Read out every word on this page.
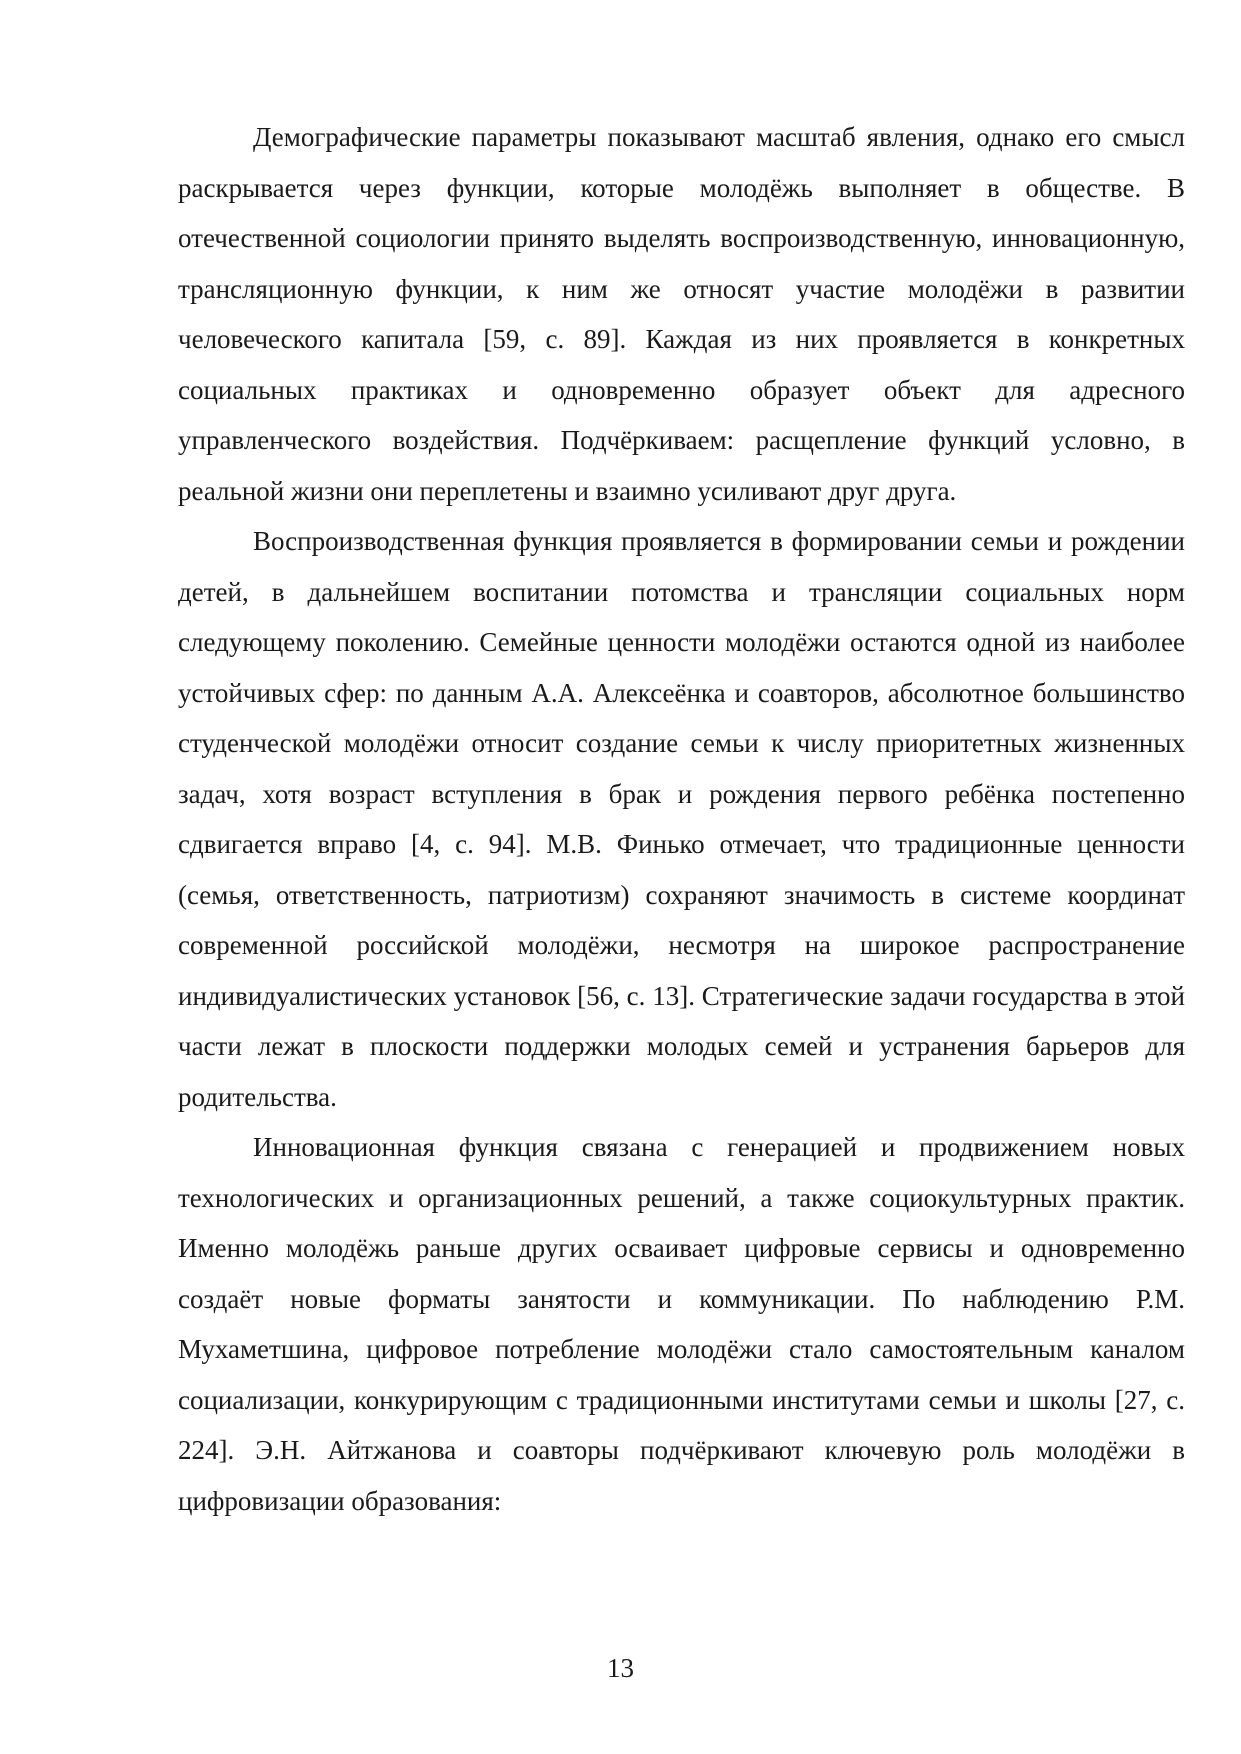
Демографические параметры показывают масштаб явления, однако его смысл раскрывается через функции, которые молодёжь выполняет в обществе. В отечественной социологии принято выделять воспроизводственную, инновационную, трансляционную функции, к ним же относят участие молодёжи в развитии человеческого капитала [59, с. 89]. Каждая из них проявляется в конкретных социальных практиках и одновременно образует объект для адресного управленческого воздействия. Подчёркиваем: расщепление функций условно, в реальной жизни они переплетены и взаимно усиливают друг друга.

Воспроизводственная функция проявляется в формировании семьи и рождении детей, в дальнейшем воспитании потомства и трансляции социальных норм следующему поколению. Семейные ценности молодёжи остаются одной из наиболее устойчивых сфер: по данным А.А. Алексеёнка и соавторов, абсолютное большинство студенческой молодёжи относит создание семьи к числу приоритетных жизненных задач, хотя возраст вступления в брак и рождения первого ребёнка постепенно сдвигается вправо [4, с. 94]. М.В. Финько отмечает, что традиционные ценности (семья, ответственность, патриотизм) сохраняют значимость в системе координат современной российской молодёжи, несмотря на широкое распространение индивидуалистических установок [56, с. 13]. Стратегические задачи государства в этой части лежат в плоскости поддержки молодых семей и устранения барьеров для родительства.

Инновационная функция связана с генерацией и продвижением новых технологических и организационных решений, а также социокультурных практик. Именно молодёжь раньше других осваивает цифровые сервисы и одновременно создаёт новые форматы занятости и коммуникации. По наблюдению Р.М. Мухаметшина, цифровое потребление молодёжи стало самостоятельным каналом социализации, конкурирующим с традиционными институтами семьи и школы [27, с. 224]. Э.Н. Айтжанова и соавторы подчёркивают ключевую роль молодёжи в цифровизации образования:

13
